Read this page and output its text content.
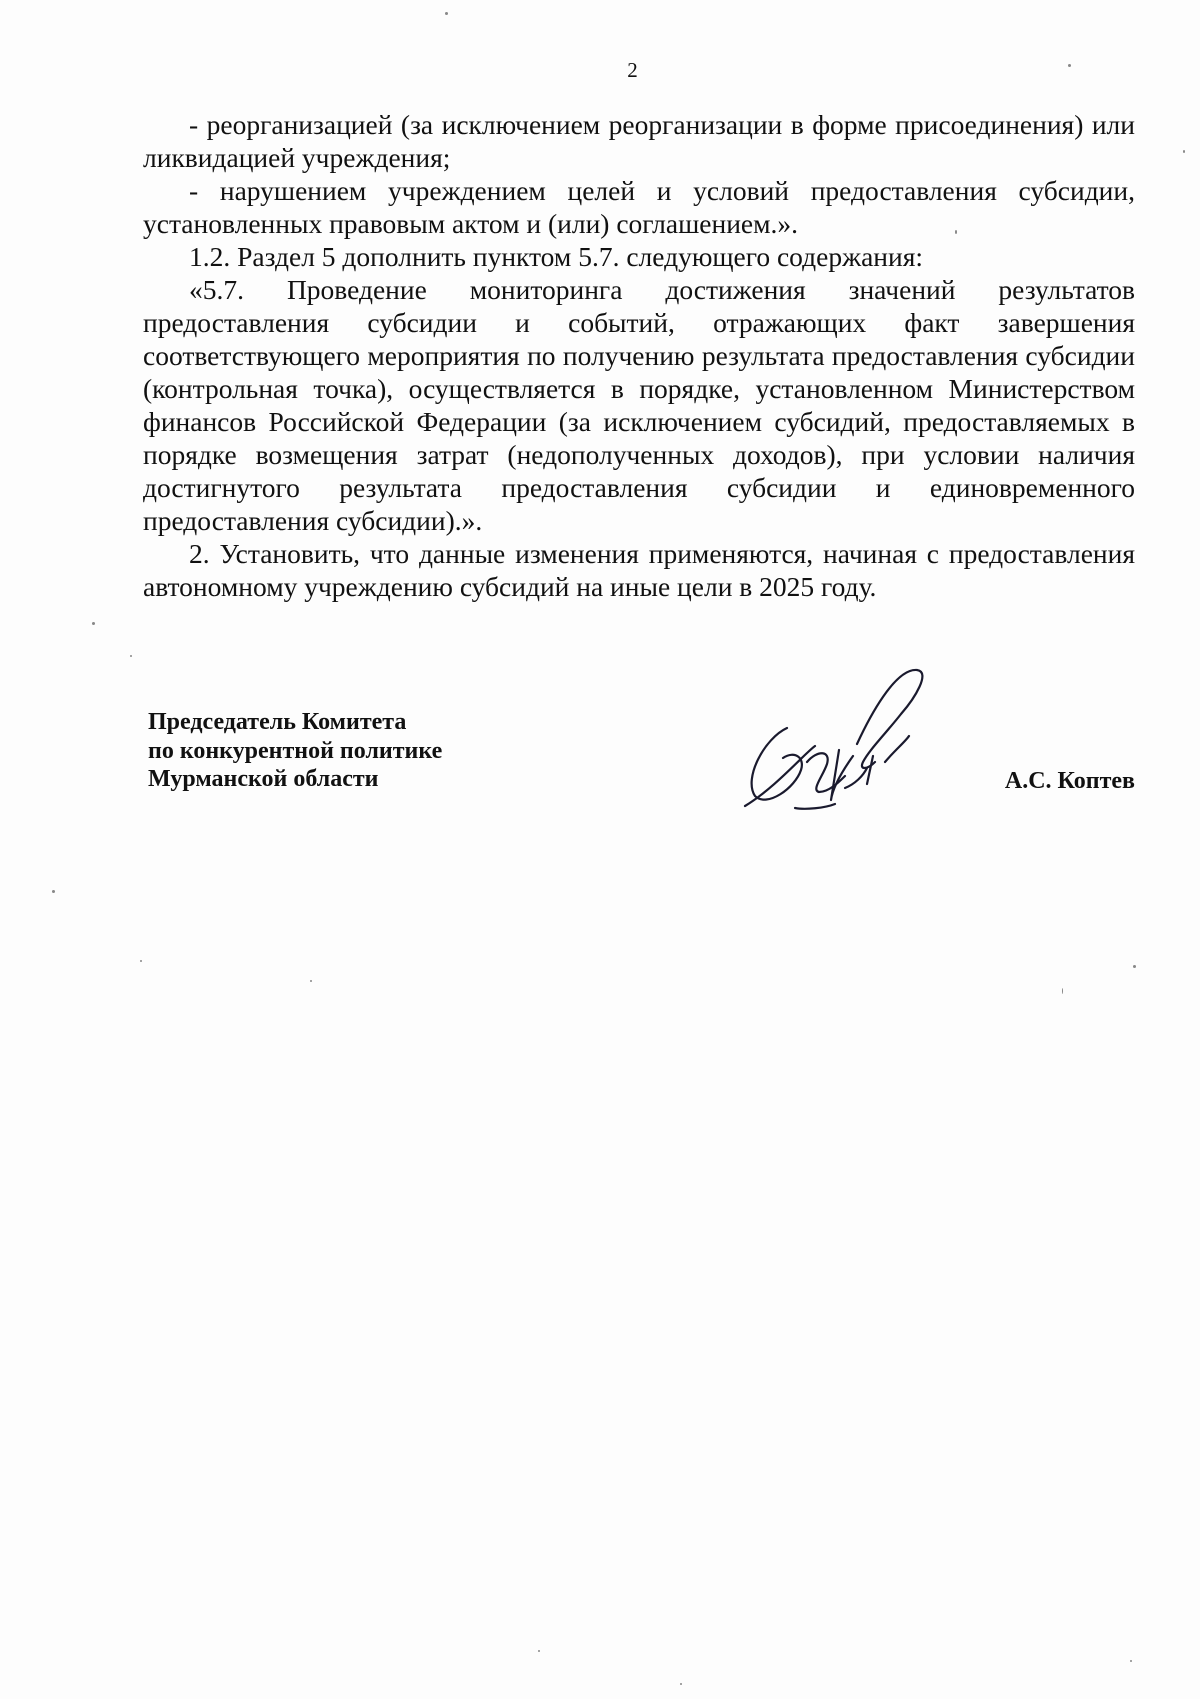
2

- реорганизацией (за исключением реорганизации в форме присоединения) или ликвидацией учреждения;

- нарушением учреждением целей и условий предоставления субсидии, установленных правовым актом и (или) соглашением.».

1.2. Раздел 5 дополнить пунктом 5.7. следующего содержания:

«5.7. Проведение мониторинга достижения значений результатов предоставления субсидии и событий, отражающих факт завершения соответствующего мероприятия по получению результата предоставления субсидии (контрольная точка), осуществляется в порядке, установленном Министерством финансов Российской Федерации (за исключением субсидий, предоставляемых в порядке возмещения затрат (недополученных доходов), при условии наличия достигнутого результата предоставления субсидии и единовременного предоставления субсидии).».

2. Установить, что данные изменения применяются, начиная с предоставления автономному учреждению субсидий на иные цели в 2025 году.

Председатель Комитета
по конкурентной политике
Мурманской области	А.С. Коптев
